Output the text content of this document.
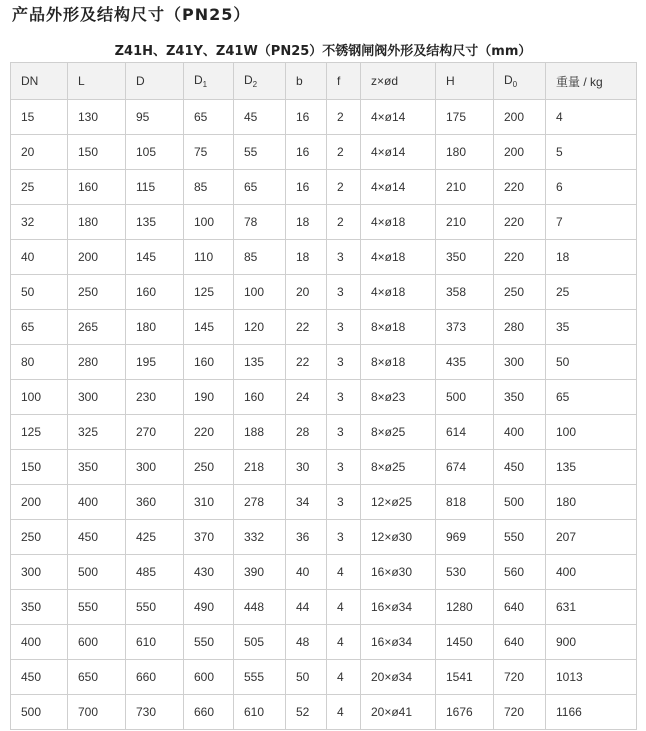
产品外形及结构尺寸（PN25）
Z41H、Z41Y、Z41W（PN25）不锈钢闸阀外形及结构尺寸（mm）
DN	L	D	$D_1$	$D_2$	b	f	z×ød	H	$D_0$	重量 / kg
15	130	95	65	45	16	2	4×ø14	175	200	4
20	150	105	75	55	16	2	4×ø14	180	200	5
25	160	115	85	65	16	2	4×ø14	210	220	6
32	180	135	100	78	18	2	4×ø18	210	220	7
40	200	145	110	85	18	3	4×ø18	350	220	18
50	250	160	125	100	20	3	4×ø18	358	250	25
65	265	180	145	120	22	3	8×ø18	373	280	35
80	280	195	160	135	22	3	8×ø18	435	300	50
100	300	230	190	160	24	3	8×ø23	500	350	65
125	325	270	220	188	28	3	8×ø25	614	400	100
150	350	300	250	218	30	3	8×ø25	674	450	135
200	400	360	310	278	34	3	12×ø25	818	500	180
250	450	425	370	332	36	3	12×ø30	969	550	207
300	500	485	430	390	40	4	16×ø30	530	560	400
350	550	550	490	448	44	4	16×ø34	1280	640	631
400	600	610	550	505	48	4	16×ø34	1450	640	900
450	650	660	600	555	50	4	20×ø34	1541	720	1013
500	700	730	660	610	52	4	20×ø41	1676	720	1166
